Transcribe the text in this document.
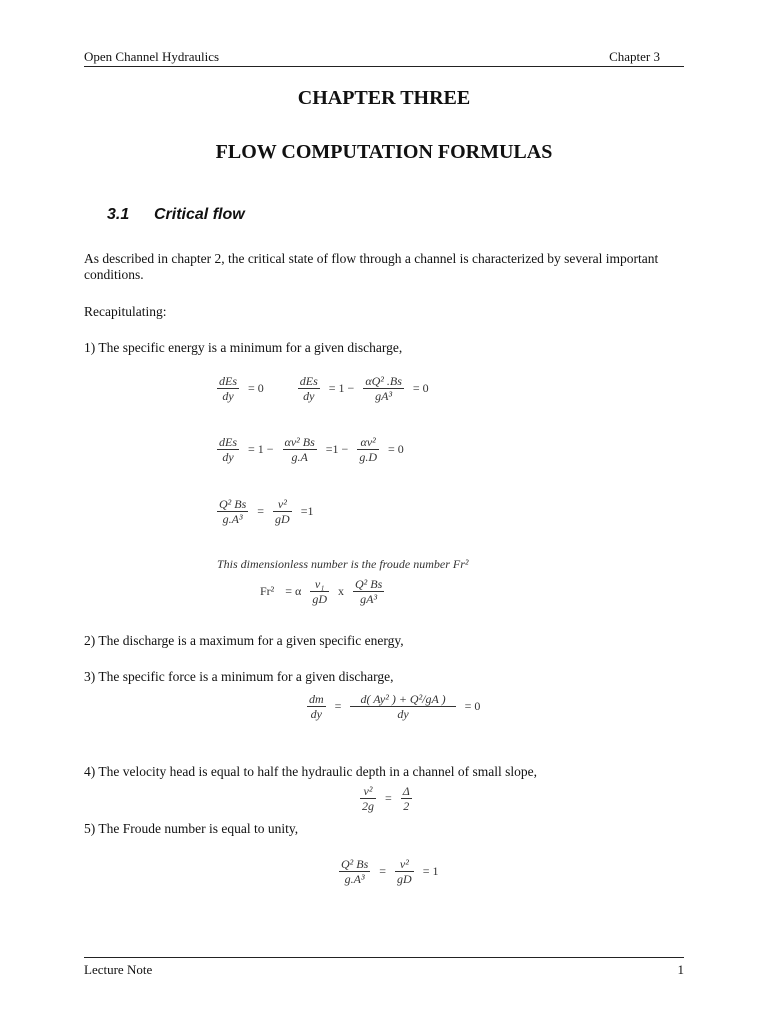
Open Channel Hydraulics	Chapter 3
CHAPTER THREE
FLOW COMPUTATION FORMULAS
3.1 Critical flow
As described in chapter 2, the critical state of flow through a channel is characterized by several important conditions.
Recapitulating:
1) The specific energy is a minimum for a given discharge,
$\frac{\text{dEs}}{dy} = 0$	$\frac{\text{dEs}}{dy} = 1 - \frac{\text{αQ² .Bs}}{\text{gA³}} = 0$
$\frac{\text{dEs}}{dy} = 1 - \frac{\text{αv² Bs}}{g.A} =1 - \frac{\text{αv²}}{g.D} = 0$
$\frac{\text{Q² Bs}}{\text{g.A³}} = \frac{\text{v²}}{gD} =1$
This dimensionless number is the froude number Fr²
Fr² = α $\frac{\text{v₁}}{gD}$ x $\frac{\text{Q² Bs}}{\text{gA³}}$
2) The discharge is a maximum for a given specific energy,
3) The specific force is a minimum for a given discharge,
$\frac{dm}{dy} = \frac{\text{d( Ay² ) + Q²/gA )}}{dy} = 0$
4) The velocity head is equal to half the hydraulic depth in a channel of small slope,
$\frac{\text{v²}}{2g} = \frac{\Delta}{2}$
5) The Froude number is equal to unity,
$\frac{\text{Q² Bs}}{\text{g.A³}} = \frac{\text{v²}}{gD} = 1$
Lecture Note	1
